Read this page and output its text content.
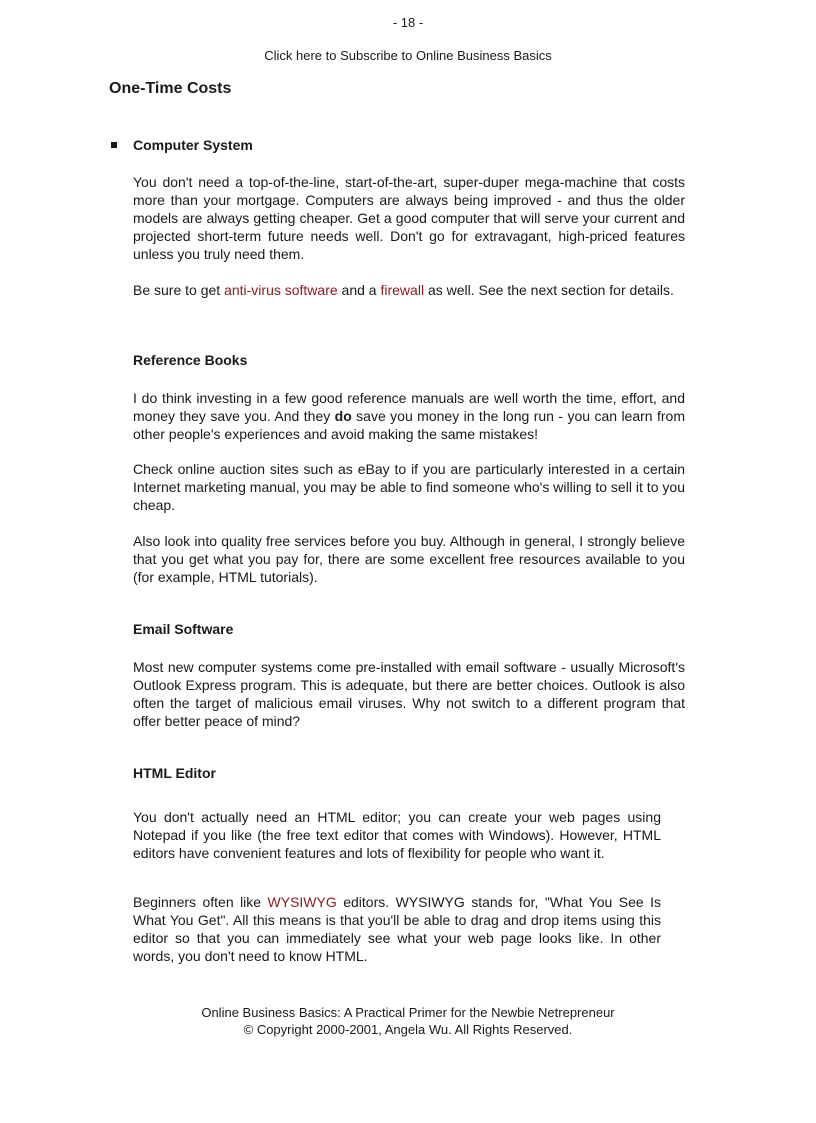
- 18 -
Click here to Subscribe to Online Business Basics
One-Time Costs
Computer System

You don't need a top-of-the-line, start-of-the-art, super-duper mega-machine that costs more than your mortgage. Computers are always being improved - and thus the older models are always getting cheaper. Get a good computer that will serve your current and projected short-term future needs well. Don't go for extravagant, high-priced features unless you truly need them.

Be sure to get anti-virus software and a firewall as well. See the next section for details.

Reference Books

I do think investing in a few good reference manuals are well worth the time, effort, and money they save you. And they do save you money in the long run - you can learn from other people's experiences and avoid making the same mistakes!

Check online auction sites such as eBay to if you are particularly interested in a certain Internet marketing manual, you may be able to find someone who's willing to sell it to you cheap.

Also look into quality free services before you buy. Although in general, I strongly believe that you get what you pay for, there are some excellent free resources available to you (for example, HTML tutorials).

Email Software

Most new computer systems come pre-installed with email software - usually Microsoft's Outlook Express program. This is adequate, but there are better choices. Outlook is also often the target of malicious email viruses. Why not switch to a different program that offer better peace of mind?

HTML Editor

You don't actually need an HTML editor; you can create your web pages using Notepad if you like (the free text editor that comes with Windows). However, HTML editors have convenient features and lots of flexibility for people who want it.

Beginners often like WYSIWYG editors. WYSIWYG stands for, "What You See Is What You Get". All this means is that you'll be able to drag and drop items using this editor so that you can immediately see what your web page looks like. In other words, you don't need to know HTML.

Online Business Basics: A Practical Primer for the Newbie Netrepreneur
© Copyright 2000-2001, Angela Wu. All Rights Reserved.
